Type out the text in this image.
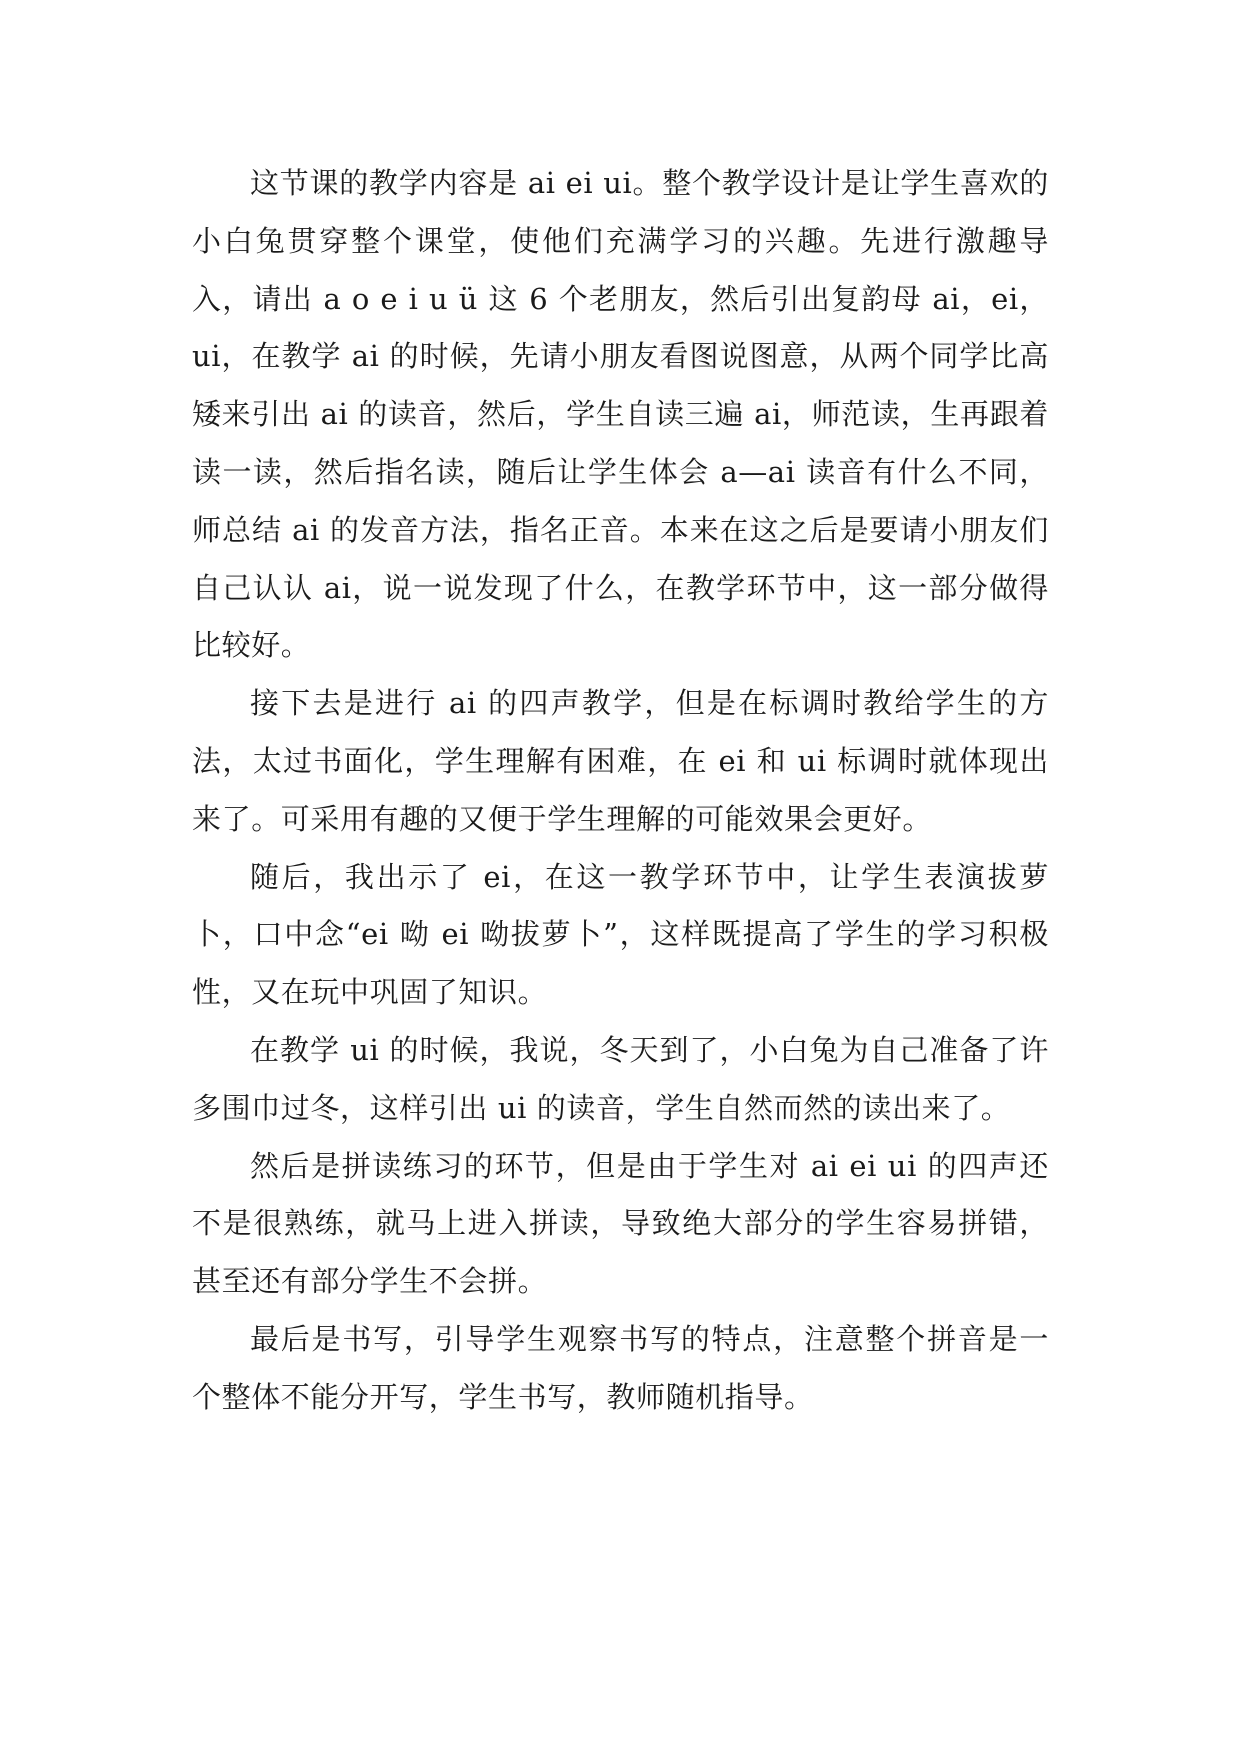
这节课的教学内容是 ai ei ui。整个教学设计是让学生喜欢的小白兔贯穿整个课堂，使他们充满学习的兴趣。先进行激趣导入，请出 a o e i u ü 这 6 个老朋友，然后引出复韵母 ai，ei，ui，在教学 ai 的时候，先请小朋友看图说图意，从两个同学比高矮来引出 ai 的读音，然后，学生自读三遍 ai，师范读，生再跟着读一读，然后指名读，随后让学生体会 a—ai 读音有什么不同，师总结 ai 的发音方法，指名正音。本来在这之后是要请小朋友们自己认认 ai，说一说发现了什么，在教学环节中，这一部分做得比较好。

接下去是进行 ai 的四声教学，但是在标调时教给学生的方法，太过书面化，学生理解有困难，在 ei 和 ui 标调时就体现出来了。可采用有趣的又便于学生理解的可能效果会更好。

随后，我出示了 ei，在这一教学环节中，让学生表演拔萝卜，口中念“ei 呦 ei 呦拔萝卜”，这样既提高了学生的学习积极性，又在玩中巩固了知识。

在教学 ui 的时候，我说，冬天到了，小白兔为自己准备了许多围巾过冬，这样引出 ui 的读音，学生自然而然的读出来了。

然后是拼读练习的环节，但是由于学生对 ai ei ui 的四声还不是很熟练，就马上进入拼读，导致绝大部分的学生容易拼错，甚至还有部分学生不会拼。

最后是书写，引导学生观察书写的特点，注意整个拼音是一个整体不能分开写，学生书写，教师随机指导。
